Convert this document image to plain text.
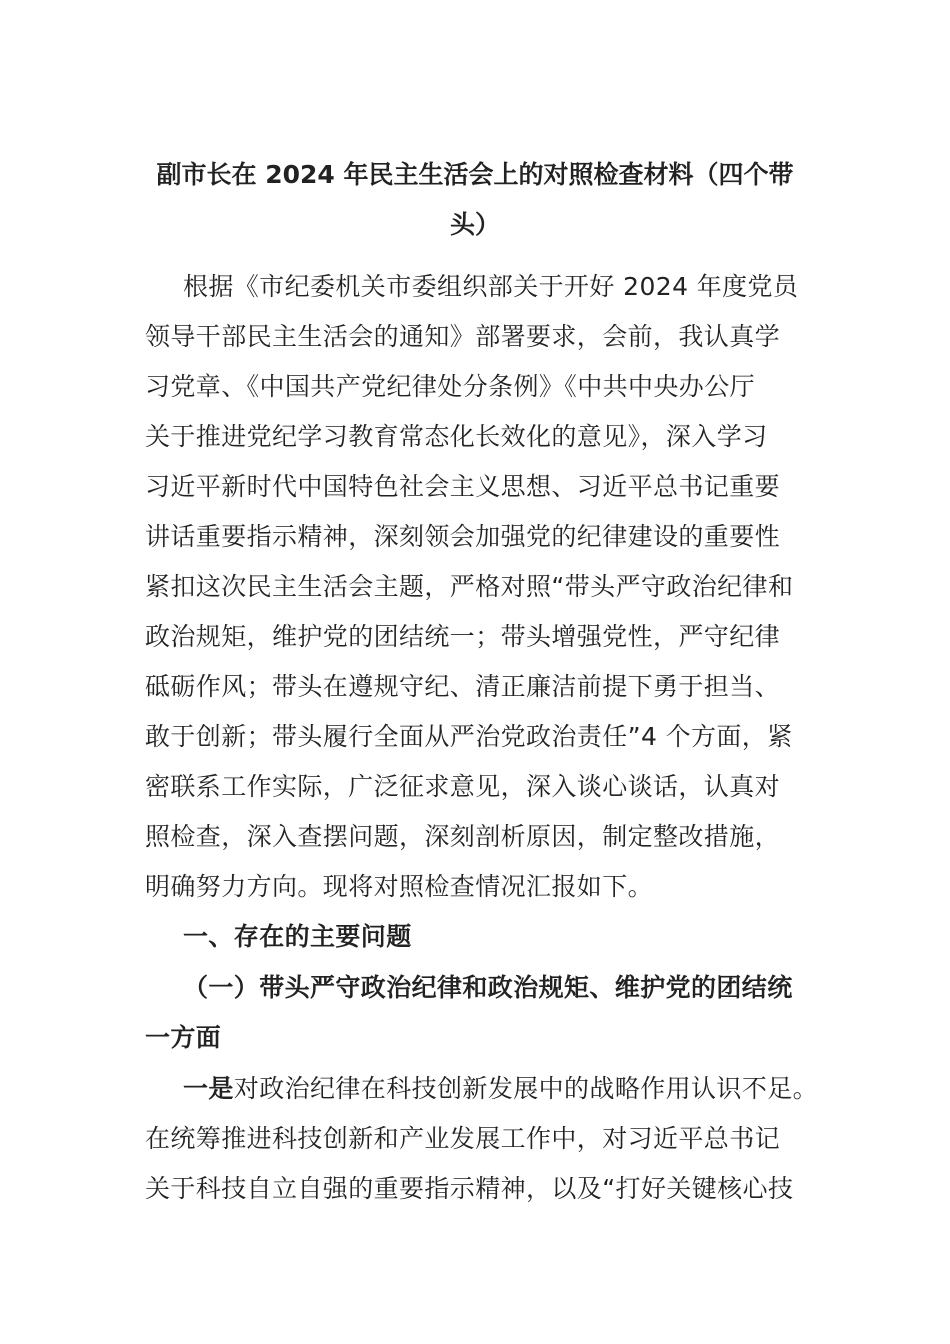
副市长在 2024 年民主生活会上的对照检查材料（四个带
头）
根据《市纪委机关市委组织部关于开好 2024 年度党员
领导干部民主生活会的通知》部署要求，会前，我认真学
习党章、《中国共产党纪律处分条例》《中共中央办公厅
关于推进党纪学习教育常态化长效化的意见》，深入学习
习近平新时代中国特色社会主义思想、习近平总书记重要
讲话重要指示精神，深刻领会加强党的纪律建设的重要性
紧扣这次民主生活会主题，严格对照“带头严守政治纪律和
政治规矩，维护党的团结统一；带头增强党性，严守纪律
砥砺作风；带头在遵规守纪、清正廉洁前提下勇于担当、
敢于创新；带头履行全面从严治党政治责任”4 个方面，紧
密联系工作实际，广泛征求意见，深入谈心谈话，认真对
照检查，深入查摆问题，深刻剖析原因，制定整改措施，
明确努力方向。现将对照检查情况汇报如下。
一、存在的主要问题
（一）带头严守政治纪律和政治规矩、维护党的团结统
一方面
一是对政治纪律在科技创新发展中的战略作用认识不足。
在统筹推进科技创新和产业发展工作中，对习近平总书记
关于科技自立自强的重要指示精神，以及“打好关键核心技
